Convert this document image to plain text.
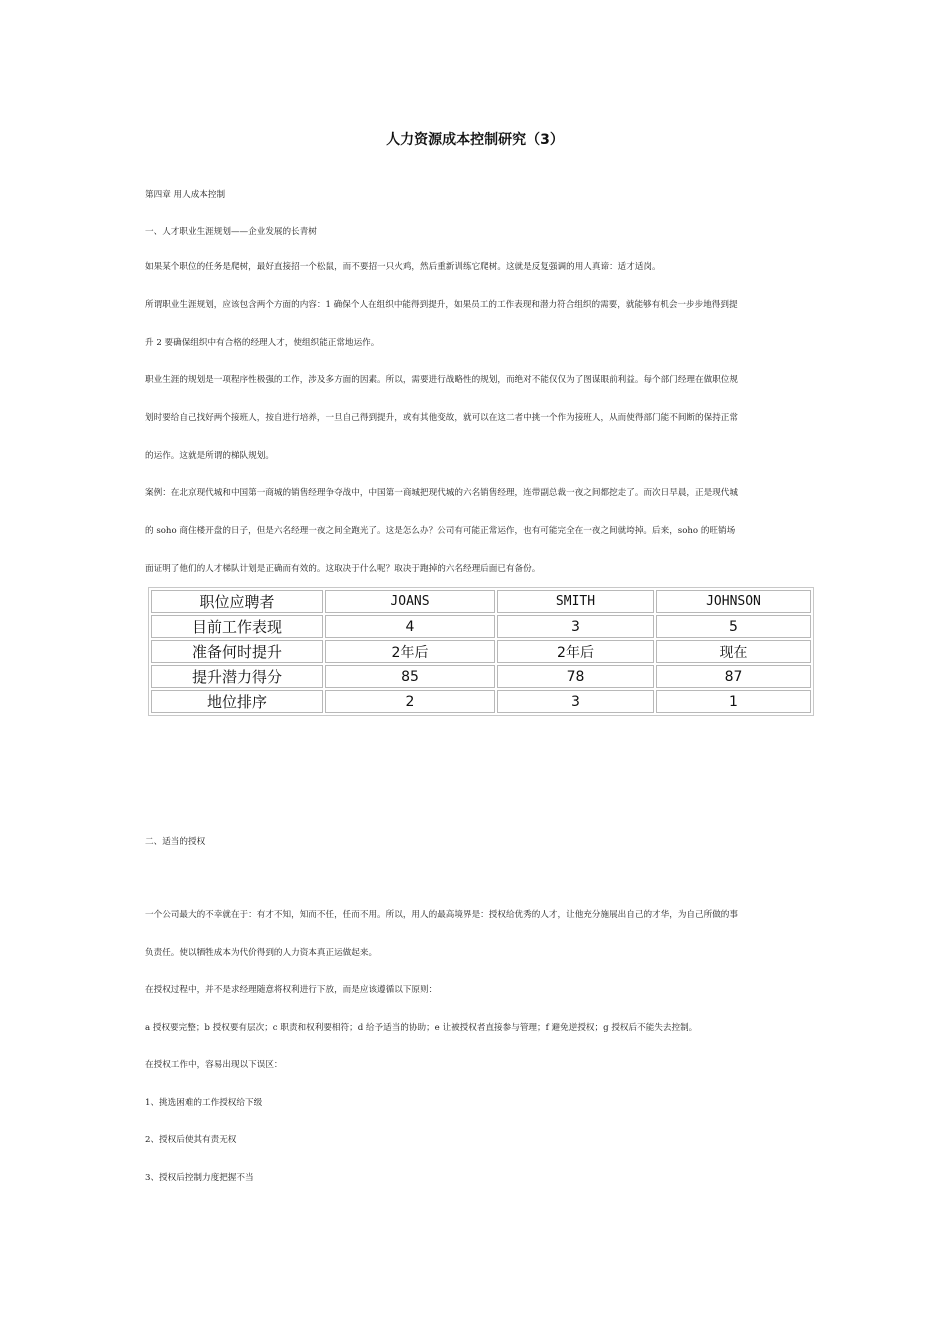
人力资源成本控制研究（3）

第四章 用人成本控制

一、人才职业生涯规划——企业发展的长青树

如果某个职位的任务是爬树，最好直接招一个松鼠，而不要招一只火鸡，然后重新训练它爬树。这就是反复强调的用人真谛：适才适岗。
所谓职业生涯规划，应该包含两个方面的内容：1 确保个人在组织中能得到提升，如果员工的工作表现和潜力符合组织的需要，就能够有机会一步步地得到提
升 2 要确保组织中有合格的经理人才，使组织能正常地运作。
职业生涯的规划是一项程序性极强的工作，涉及多方面的因素。所以，需要进行战略性的规划，而绝对不能仅仅为了图谋眼前利益。每个部门经理在做职位规
划时要给自己找好两个接班人，按自进行培养，一旦自己得到提升，或有其他变故，就可以在这二者中挑一个作为接班人，从而使得部门能不间断的保持正常
的运作。这就是所谓的梯队规划。
案例：在北京现代城和中国第一商城的销售经理争夺战中，中国第一商城把现代城的六名销售经理，连带副总裁一夜之间都挖走了。而次日早晨，正是现代城
的 soho 商住楼开盘的日子，但是六名经理一夜之间全跑光了。这是怎么办？公司有可能正常运作，也有可能完全在一夜之间就垮掉。后来，soho 的旺销场
面证明了他们的人才梯队计划是正确而有效的。这取决于什么呢？取决于跑掉的六名经理后面已有备份。
职位应聘者	JOANS	SMITH	JOHNSON
目前工作表现	4	3	5
准备何时提升	2年后	2年后	现在
提升潜力得分	85	78	87
地位排序	2	3	1

二、适当的授权

一个公司最大的不幸就在于：有才不知，知而不任，任而不用。所以，用人的最高境界是：授权给优秀的人才，让他充分施展出自己的才华，为自己所做的事
负责任。使以牺牲成本为代价得到的人力资本真正运做起来。
在授权过程中，并不是求经理随意将权利进行下放，而是应该遵循以下原则：
a 授权要完整；b 授权要有层次；c 职责和权利要相符；d 给予适当的协助；e 让被授权者直接参与管理；f 避免逆授权；g 授权后不能失去控制。
在授权工作中，容易出现以下误区：
1、挑选困难的工作授权给下级
2、授权后使其有责无权
3、授权后控制力度把握不当
